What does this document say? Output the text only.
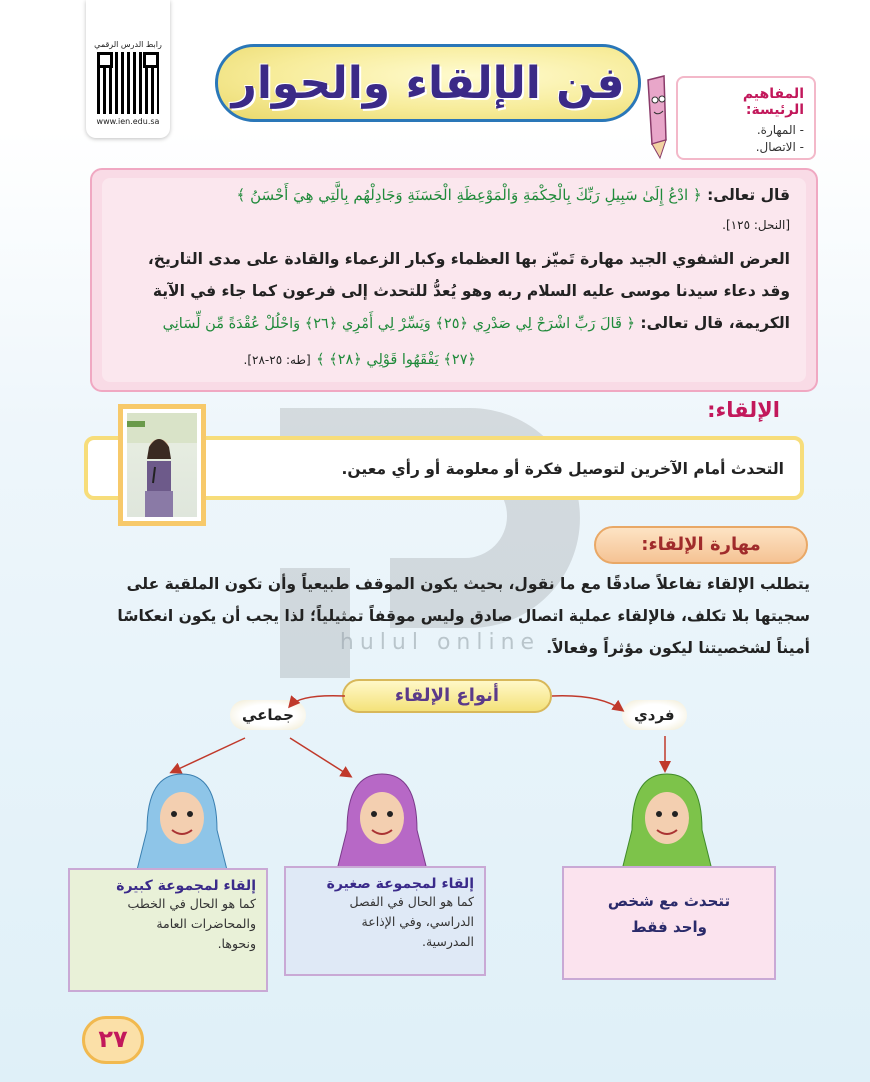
رابط الدرس الرقمي
www.ien.edu.sa
فن الإلقاء والحوار	المفاهيم الرئيسة:
- المهارة.
- الاتصال.
قال تعالى: ﴿ ادْعُ إِلَىٰ سَبِيلِ رَبِّكَ بِالْحِكْمَةِ وَالْمَوْعِظَةِ الْحَسَنَةِ وَجَادِلْهُم بِالَّتِي هِيَ أَحْسَنُ ﴾
[النحل: ١٢٥].
العرض الشفوي الجيد مهارة تَميّز بها العظماء وكبار الزعماء والقادة على مدى التاريخ،
وقد دعاء سيدنا موسى عليه السلام ربه وهو يُعدُّ للتحدث إلى فرعون كما جاء في الآية
الكريمة، قال تعالى: ﴿ قَالَ رَبِّ اشْرَحْ لِي صَدْرِي ﴿٢٥﴾ وَيَسِّرْ لِي أَمْرِي ﴿٢٦﴾ وَاحْلُلْ عُقْدَةً مِّن لِّسَانِي
﴿٢٧﴾ يَفْقَهُوا قَوْلِي ﴿٢٨﴾ ﴾ [طه: ٢٥-٢٨].
hulul online
الإلقاء:
التحدث أمام الآخرين لتوصيل فكرة أو معلومة أو رأي معين.
مهارة الإلقاء:
يتطلب الإلقاء تفاعلاً صادقًا مع ما نقول، بحيث يكون الموقف طبيعياً وأن تكون الملقية على
سجيتها بلا تكلف، فالإلقاء عملية اتصال صادق وليس موقفاً تمثيلياً؛ لذا يجب أن يكون انعكاسًا
أميناً لشخصيتنا ليكون مؤثراً وفعالاً.
أنواع الإلقاء
جماعي	فردي
إلقاء لمجموعة كبيرة
كما هو الحال في الخطب
والمحاضرات العامة
ونحوها.
إلقاء لمجموعة صغيرة
كما هو الحال في الفصل
الدراسي، وفي الإذاعة
المدرسية.
تتحدث مع شخص
واحد فقط
٢٧
